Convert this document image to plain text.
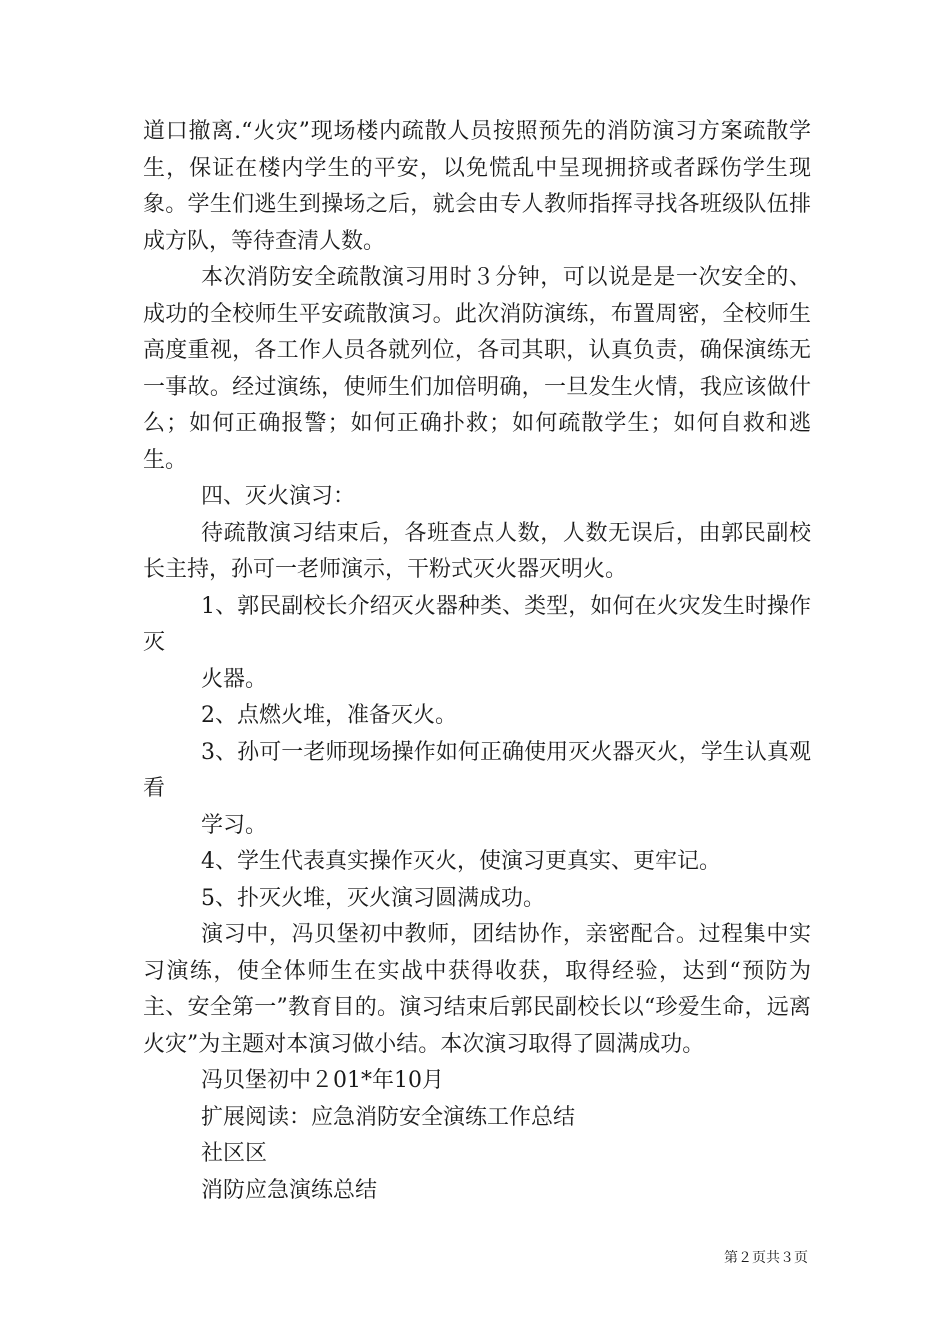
道口撤离.“火灾”现场楼内疏散人员按照预先的消防演习方案疏散学生，保证在楼内学生的平安，以免慌乱中呈现拥挤或者踩伤学生现象。学生们逃生到操场之后，就会由专人教师指挥寻找各班级队伍排成方队，等待查清人数。

本次消防安全疏散演习用时３分钟，可以说是是一次安全的、成功的全校师生平安疏散演习。此次消防演练，布置周密，全校师生高度重视，各工作人员各就列位，各司其职，认真负责，确保演练无一事故。经过演练，使师生们加倍明确，一旦发生火情，我应该做什么；如何正确报警；如何正确扑救；如何疏散学生；如何自救和逃生。

四、灭火演习：

待疏散演习结束后，各班查点人数，人数无误后，由郭民副校长主持，孙可一老师演示，干粉式灭火器灭明火。

1、郭民副校长介绍灭火器种类、类型，如何在火灾发生时操作灭

火器。

2、点燃火堆，准备灭火。

3、孙可一老师现场操作如何正确使用灭火器灭火，学生认真观看

学习。

4、学生代表真实操作灭火，使演习更真实、更牢记。

5、扑灭火堆，灭火演习圆满成功。

演习中，冯贝堡初中教师，团结协作，亲密配合。过程集中实习演练，使全体师生在实战中获得收获，取得经验，达到“预防为主、安全第一”教育目的。演习结束后郭民副校长以“珍爱生命，远离火灾”为主题对本演习做小结。本次演习取得了圆满成功。

冯贝堡初中２01*年10月

扩展阅读：应急消防安全演练工作总结

社区区

消防应急演练总结

第２页共３页
